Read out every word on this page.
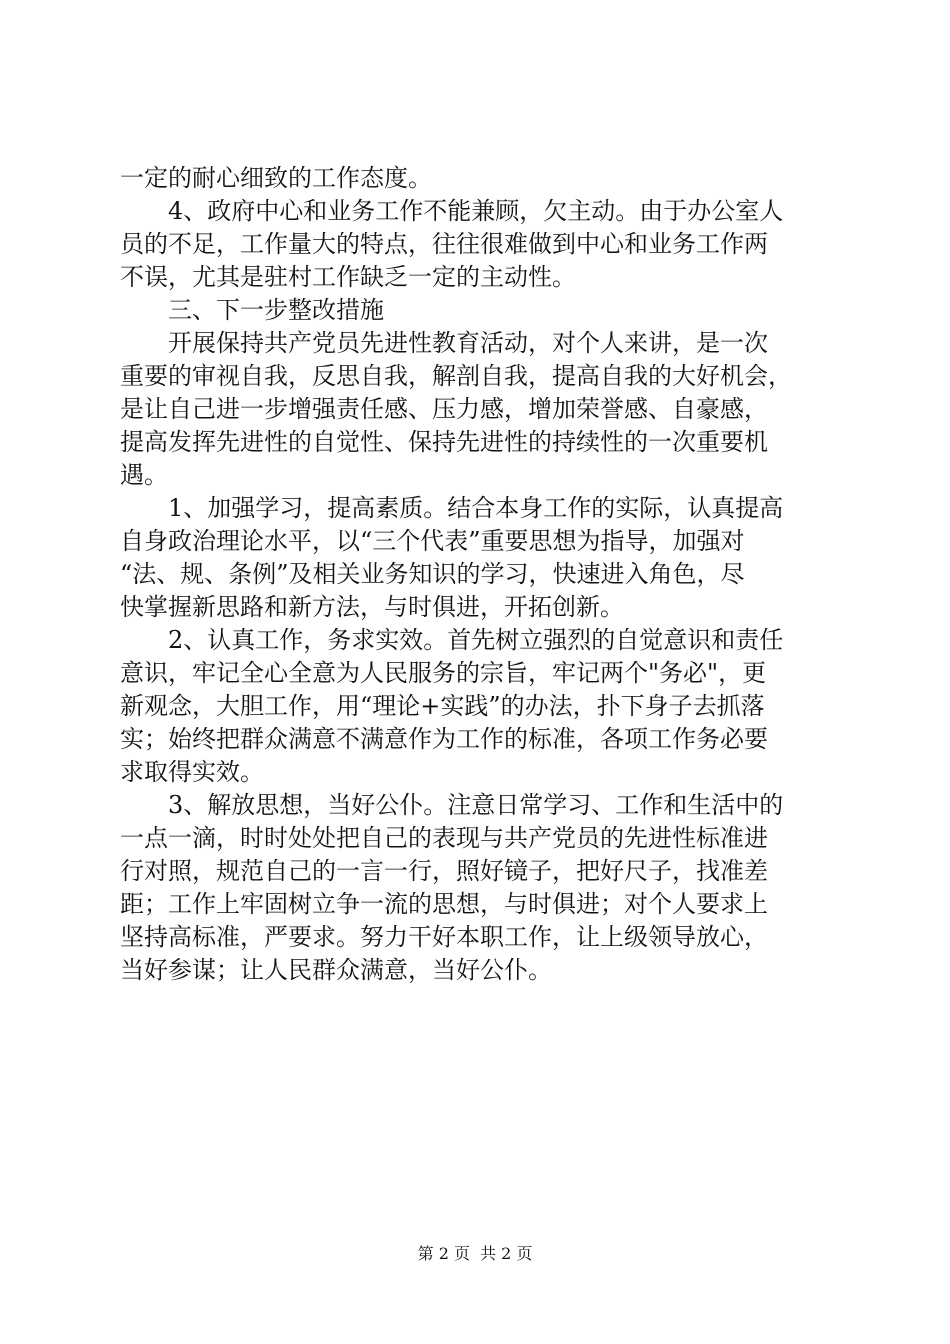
一定的耐心细致的工作态度。
　　4、政府中心和业务工作不能兼顾，欠主动。由于办公室人
员的不足，工作量大的特点，往往很难做到中心和业务工作两
不误，尤其是驻村工作缺乏一定的主动性。
　　三、下一步整改措施
　　开展保持共产党员先进性教育活动，对个人来讲，是一次
重要的审视自我，反思自我，解剖自我，提高自我的大好机会，
是让自己进一步增强责任感、压力感，增加荣誉感、自豪感，
提高发挥先进性的自觉性、保持先进性的持续性的一次重要机
遇。
　　1、加强学习，提高素质。结合本身工作的实际，认真提高
自身政治理论水平，以“三个代表”重要思想为指导，加强对
“法、规、条例”及相关业务知识的学习，快速进入角色，尽
快掌握新思路和新方法，与时俱进，开拓创新。
　　2、认真工作，务求实效。首先树立强烈的自觉意识和责任
意识，牢记全心全意为人民服务的宗旨，牢记两个"务必"，更
新观念，大胆工作，用“理论+实践”的办法，扑下身子去抓落
实；始终把群众满意不满意作为工作的标准，各项工作务必要
求取得实效。
　　3、解放思想，当好公仆。注意日常学习、工作和生活中的
一点一滴，时时处处把自己的表现与共产党员的先进性标准进
行对照，规范自己的一言一行，照好镜子，把好尺子，找准差
距；工作上牢固树立争一流的思想，与时俱进；对个人要求上
坚持高标准，严要求。努力干好本职工作，让上级领导放心，
当好参谋；让人民群众满意，当好公仆。
第 2 页 共 2 页
